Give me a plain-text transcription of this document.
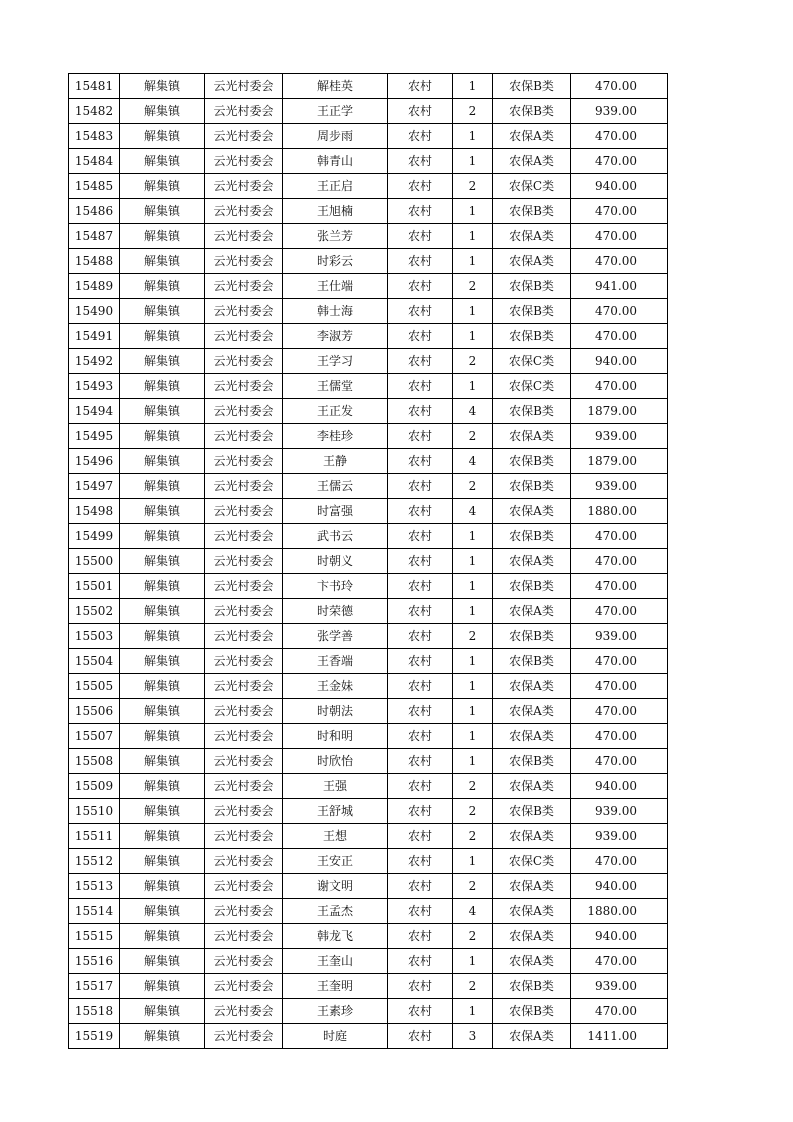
15481	解集镇	云光村委会	解桂英	农村	1	农保B类	470.00
15482	解集镇	云光村委会	王正学	农村	2	农保B类	939.00
15483	解集镇	云光村委会	周步雨	农村	1	农保A类	470.00
15484	解集镇	云光村委会	韩青山	农村	1	农保A类	470.00
15485	解集镇	云光村委会	王正启	农村	2	农保C类	940.00
15486	解集镇	云光村委会	王旭楠	农村	1	农保B类	470.00
15487	解集镇	云光村委会	张兰芳	农村	1	农保A类	470.00
15488	解集镇	云光村委会	时彩云	农村	1	农保A类	470.00
15489	解集镇	云光村委会	王仕端	农村	2	农保B类	941.00
15490	解集镇	云光村委会	韩士海	农村	1	农保B类	470.00
15491	解集镇	云光村委会	李淑芳	农村	1	农保B类	470.00
15492	解集镇	云光村委会	王学习	农村	2	农保C类	940.00
15493	解集镇	云光村委会	王儒堂	农村	1	农保C类	470.00
15494	解集镇	云光村委会	王正发	农村	4	农保B类	1879.00
15495	解集镇	云光村委会	李桂珍	农村	2	农保A类	939.00
15496	解集镇	云光村委会	王静	农村	4	农保B类	1879.00
15497	解集镇	云光村委会	王儒云	农村	2	农保B类	939.00
15498	解集镇	云光村委会	时富强	农村	4	农保A类	1880.00
15499	解集镇	云光村委会	武书云	农村	1	农保B类	470.00
15500	解集镇	云光村委会	时朝义	农村	1	农保A类	470.00
15501	解集镇	云光村委会	卞书玲	农村	1	农保B类	470.00
15502	解集镇	云光村委会	时荣德	农村	1	农保A类	470.00
15503	解集镇	云光村委会	张学善	农村	2	农保B类	939.00
15504	解集镇	云光村委会	王香端	农村	1	农保B类	470.00
15505	解集镇	云光村委会	王金妹	农村	1	农保A类	470.00
15506	解集镇	云光村委会	时朝法	农村	1	农保A类	470.00
15507	解集镇	云光村委会	时和明	农村	1	农保A类	470.00
15508	解集镇	云光村委会	时欣怡	农村	1	农保B类	470.00
15509	解集镇	云光村委会	王强	农村	2	农保A类	940.00
15510	解集镇	云光村委会	王舒城	农村	2	农保B类	939.00
15511	解集镇	云光村委会	王想	农村	2	农保A类	939.00
15512	解集镇	云光村委会	王安正	农村	1	农保C类	470.00
15513	解集镇	云光村委会	谢文明	农村	2	农保A类	940.00
15514	解集镇	云光村委会	王孟杰	农村	4	农保A类	1880.00
15515	解集镇	云光村委会	韩龙飞	农村	2	农保A类	940.00
15516	解集镇	云光村委会	王奎山	农村	1	农保A类	470.00
15517	解集镇	云光村委会	王奎明	农村	2	农保B类	939.00
15518	解集镇	云光村委会	王素珍	农村	1	农保B类	470.00
15519	解集镇	云光村委会	时庭	农村	3	农保A类	1411.00
